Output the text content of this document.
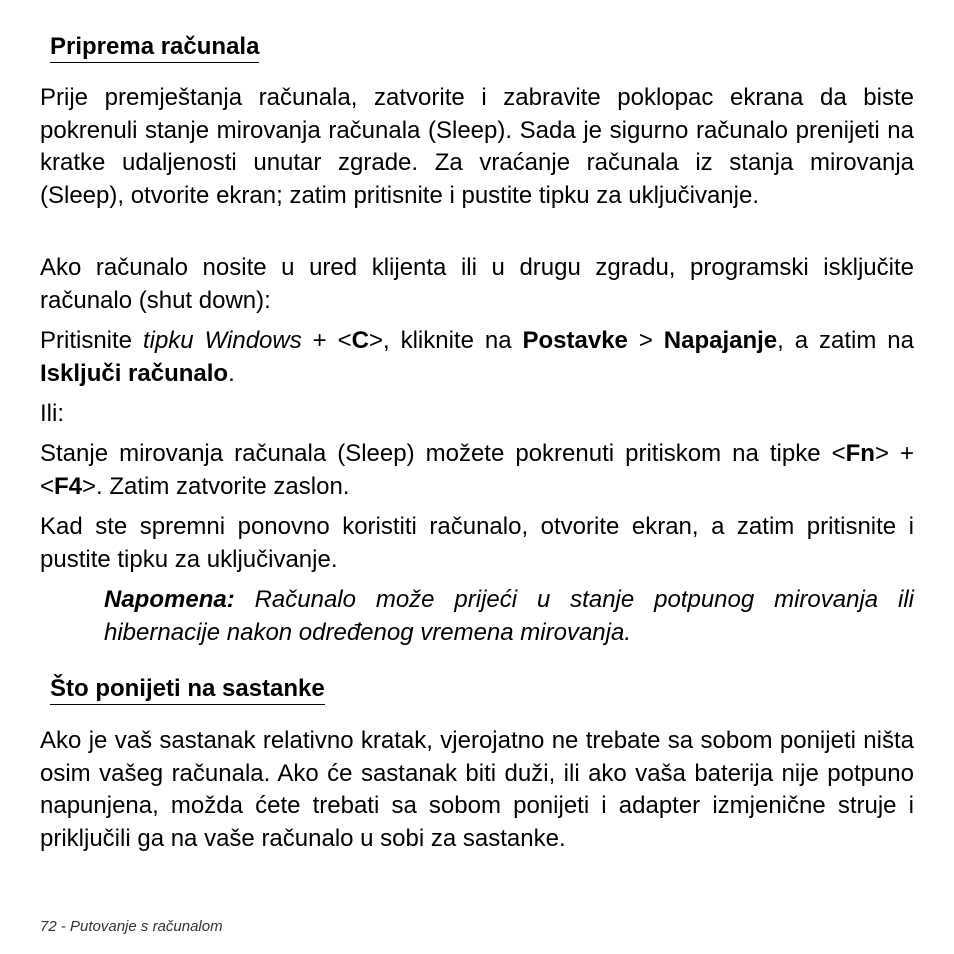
Priprema računala

Prije premještanja računala, zatvorite i zabravite poklopac ekrana da biste pokrenuli stanje mirovanja računala (Sleep). Sada je sigurno računalo prenijeti na kratke udaljenosti unutar zgrade. Za vraćanje računala iz stanja mirovanja (Sleep), otvorite ekran; zatim pritisnite i pustite tipku za uključivanje.

Ako računalo nosite u ured klijenta ili u drugu zgradu, programski isključite računalo (shut down):

Pritisnite tipku Windows + <C>, kliknite na Postavke > Napajanje, a zatim na Isključi računalo.

Ili:

Stanje mirovanja računala (Sleep) možete pokrenuti pritiskom na tipke <Fn> + <F4>. Zatim zatvorite zaslon.

Kad ste spremni ponovno koristiti računalo, otvorite ekran, a zatim pritisnite i pustite tipku za uključivanje.

Napomena: Računalo može prijeći u stanje potpunog mirovanja ili hibernacije nakon određenog vremena mirovanja.

Što ponijeti na sastanke

Ako je vaš sastanak relativno kratak, vjerojatno ne trebate sa sobom ponijeti ništa osim vašeg računala. Ako će sastanak biti duži, ili ako vaša baterija nije potpuno napunjena, možda ćete trebati sa sobom ponijeti i adapter izmjenične struje i priključili ga na vaše računalo u sobi za sastanke.

72 - Putovanje s računalom
